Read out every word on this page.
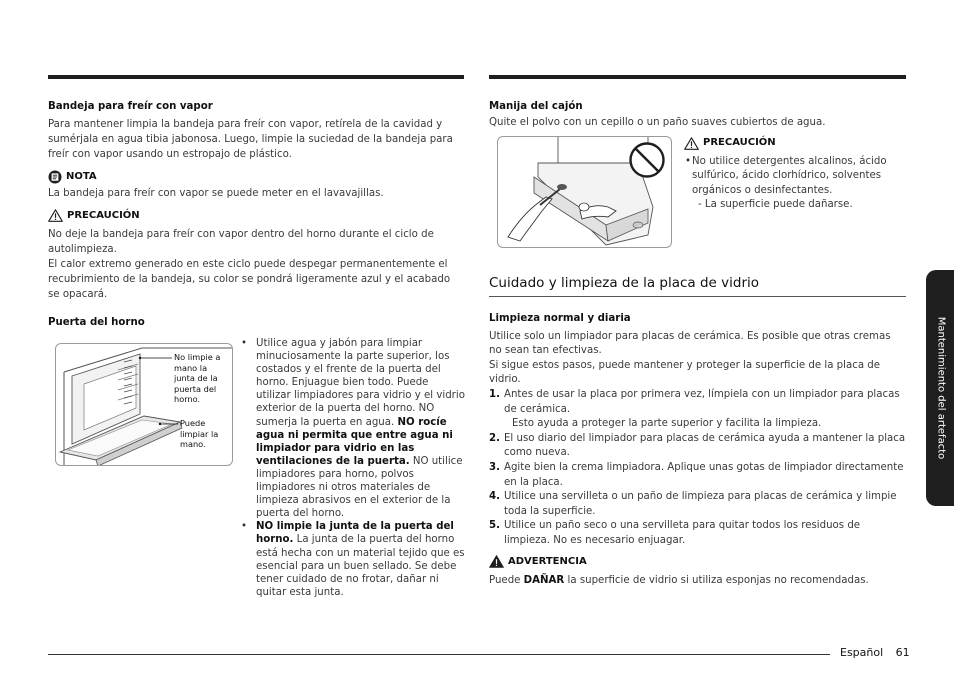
Bandeja para freír con vapor
Para mantener limpia la bandeja para freír con vapor, retírela de la cavidad y sumérjala en agua tibia jabonosa. Luego, limpie la suciedad de la bandeja para freír con vapor usando un estropajo de plástico.
NOTA
La bandeja para freír con vapor se puede meter en el lavavajillas.
PRECAUCIÓN
No deje la bandeja para freír con vapor dentro del horno durante el ciclo de autolimpieza.
El calor extremo generado en este ciclo puede despegar permanentemente el recubrimiento de la bandeja, su color se pondrá ligeramente azul y el acabado se opacará.
Puerta del horno
No limpie a mano la junta de la puerta del horno.
Puede limpiar la mano.
• Utilice agua y jabón para limpiar minuciosamente la parte superior, los costados y el frente de la puerta del horno. Enjuague bien todo. Puede utilizar limpiadores para vidrio y el vidrio exterior de la puerta del horno. NO sumerja la puerta en agua. NO rocíe agua ni permita que entre agua ni limpiador para vidrio en las ventilaciones de la puerta. NO utilice limpiadores para horno, polvos limpiadores ni otros materiales de limpieza abrasivos en el exterior de la puerta del horno.
• NO limpie la junta de la puerta del horno. La junta de la puerta del horno está hecha con un material tejido que es esencial para un buen sellado. Se debe tener cuidado de no frotar, dañar ni quitar esta junta.
Manija del cajón
Quite el polvo con un cepillo o un paño suaves cubiertos de agua.
PRECAUCIÓN
• No utilice detergentes alcalinos, ácido sulfúrico, ácido clorhídrico, solventes orgánicos o desinfectantes.
- La superficie puede dañarse.
Cuidado y limpieza de la placa de vidrio
Limpieza normal y diaria
Utilice solo un limpiador para placas de cerámica. Es posible que otras cremas no sean tan efectivas.
Si sigue estos pasos, puede mantener y proteger la superficie de la placa de vidrio.
1. Antes de usar la placa por primera vez, límpiela con un limpiador para placas de cerámica.
Esto ayuda a proteger la parte superior y facilita la limpieza.
2. El uso diario del limpiador para placas de cerámica ayuda a mantener la placa como nueva.
3. Agite bien la crema limpiadora. Aplique unas gotas de limpiador directamente en la placa.
4. Utilice una servilleta o un paño de limpieza para placas de cerámica y limpie toda la superficie.
5. Utilice un paño seco o una servilleta para quitar todos los residuos de limpieza. No es necesario enjuagar.
ADVERTENCIA
Puede DAÑAR la superficie de vidrio si utiliza esponjas no recomendadas.
Mantenimiento del artefacto
Español 61
